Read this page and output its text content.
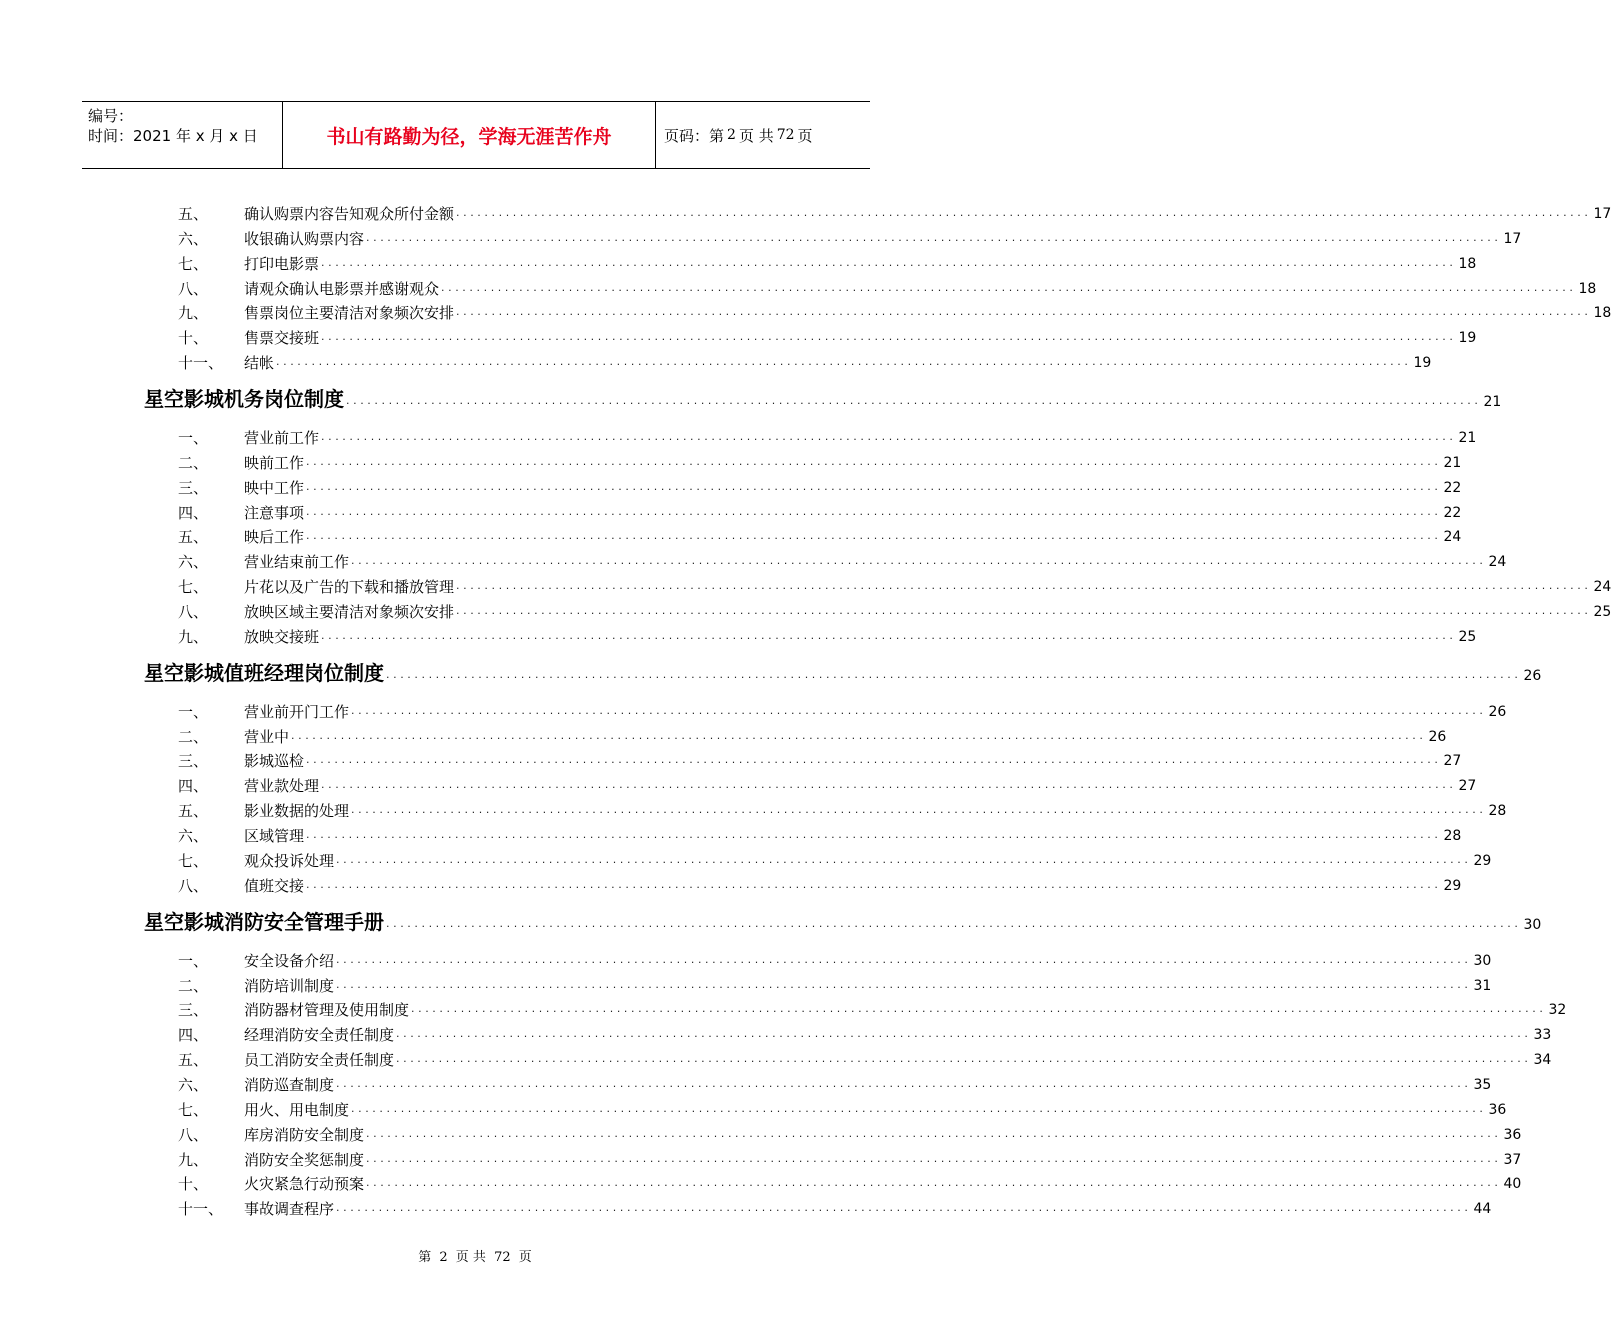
编号：
时间：2021 年 x 月 x 日	书山有路勤为径，学海无涯苦作舟	页码：第 2 页 共 72 页
五、	确认购票内容告知观众所付金额 ................................................................................................................................................................ 17
六、	收银确认购票内容 ................................................................................................................................................................ 17
七、	打印电影票 ................................................................................................................................................................ 18
八、	请观众确认电影票并感谢观众 ................................................................................................................................................................ 18
九、	售票岗位主要清洁对象频次安排 ................................................................................................................................................................ 18
十、	售票交接班 ................................................................................................................................................................ 19
十一、	结帐 ................................................................................................................................................................ 19
星空影城机务岗位制度 ................................................................................................................................................................ 21
一、	营业前工作 ................................................................................................................................................................ 21
二、	映前工作 ................................................................................................................................................................ 21
三、	映中工作 ................................................................................................................................................................ 22
四、	注意事项 ................................................................................................................................................................ 22
五、	映后工作 ................................................................................................................................................................ 24
六、	营业结束前工作 ................................................................................................................................................................ 24
七、	片花以及广告的下载和播放管理 ................................................................................................................................................................ 24
八、	放映区域主要清洁对象频次安排 ................................................................................................................................................................ 25
九、	放映交接班 ................................................................................................................................................................ 25
星空影城值班经理岗位制度 ................................................................................................................................................................ 26
一、	营业前开门工作 ................................................................................................................................................................ 26
二、	营业中 ................................................................................................................................................................ 26
三、	影城巡检 ................................................................................................................................................................ 27
四、	营业款处理 ................................................................................................................................................................ 27
五、	影业数据的处理 ................................................................................................................................................................ 28
六、	区域管理 ................................................................................................................................................................ 28
七、	观众投诉处理 ................................................................................................................................................................ 29
八、	值班交接 ................................................................................................................................................................ 29
星空影城消防安全管理手册 ................................................................................................................................................................ 30
一、	安全设备介绍 ................................................................................................................................................................ 30
二、	消防培训制度 ................................................................................................................................................................ 31
三、	消防器材管理及使用制度 ................................................................................................................................................................ 32
四、	经理消防安全责任制度 ................................................................................................................................................................ 33
五、	员工消防安全责任制度 ................................................................................................................................................................ 34
六、	消防巡查制度 ................................................................................................................................................................ 35
七、	用火、用电制度 ................................................................................................................................................................ 36
八、	库房消防安全制度 ................................................................................................................................................................ 36
九、	消防安全奖惩制度 ................................................................................................................................................................ 37
十、	火灾紧急行动预案 ................................................................................................................................................................ 40
十一、	事故调查程序 ................................................................................................................................................................ 44
第 2 页 共 72 页
